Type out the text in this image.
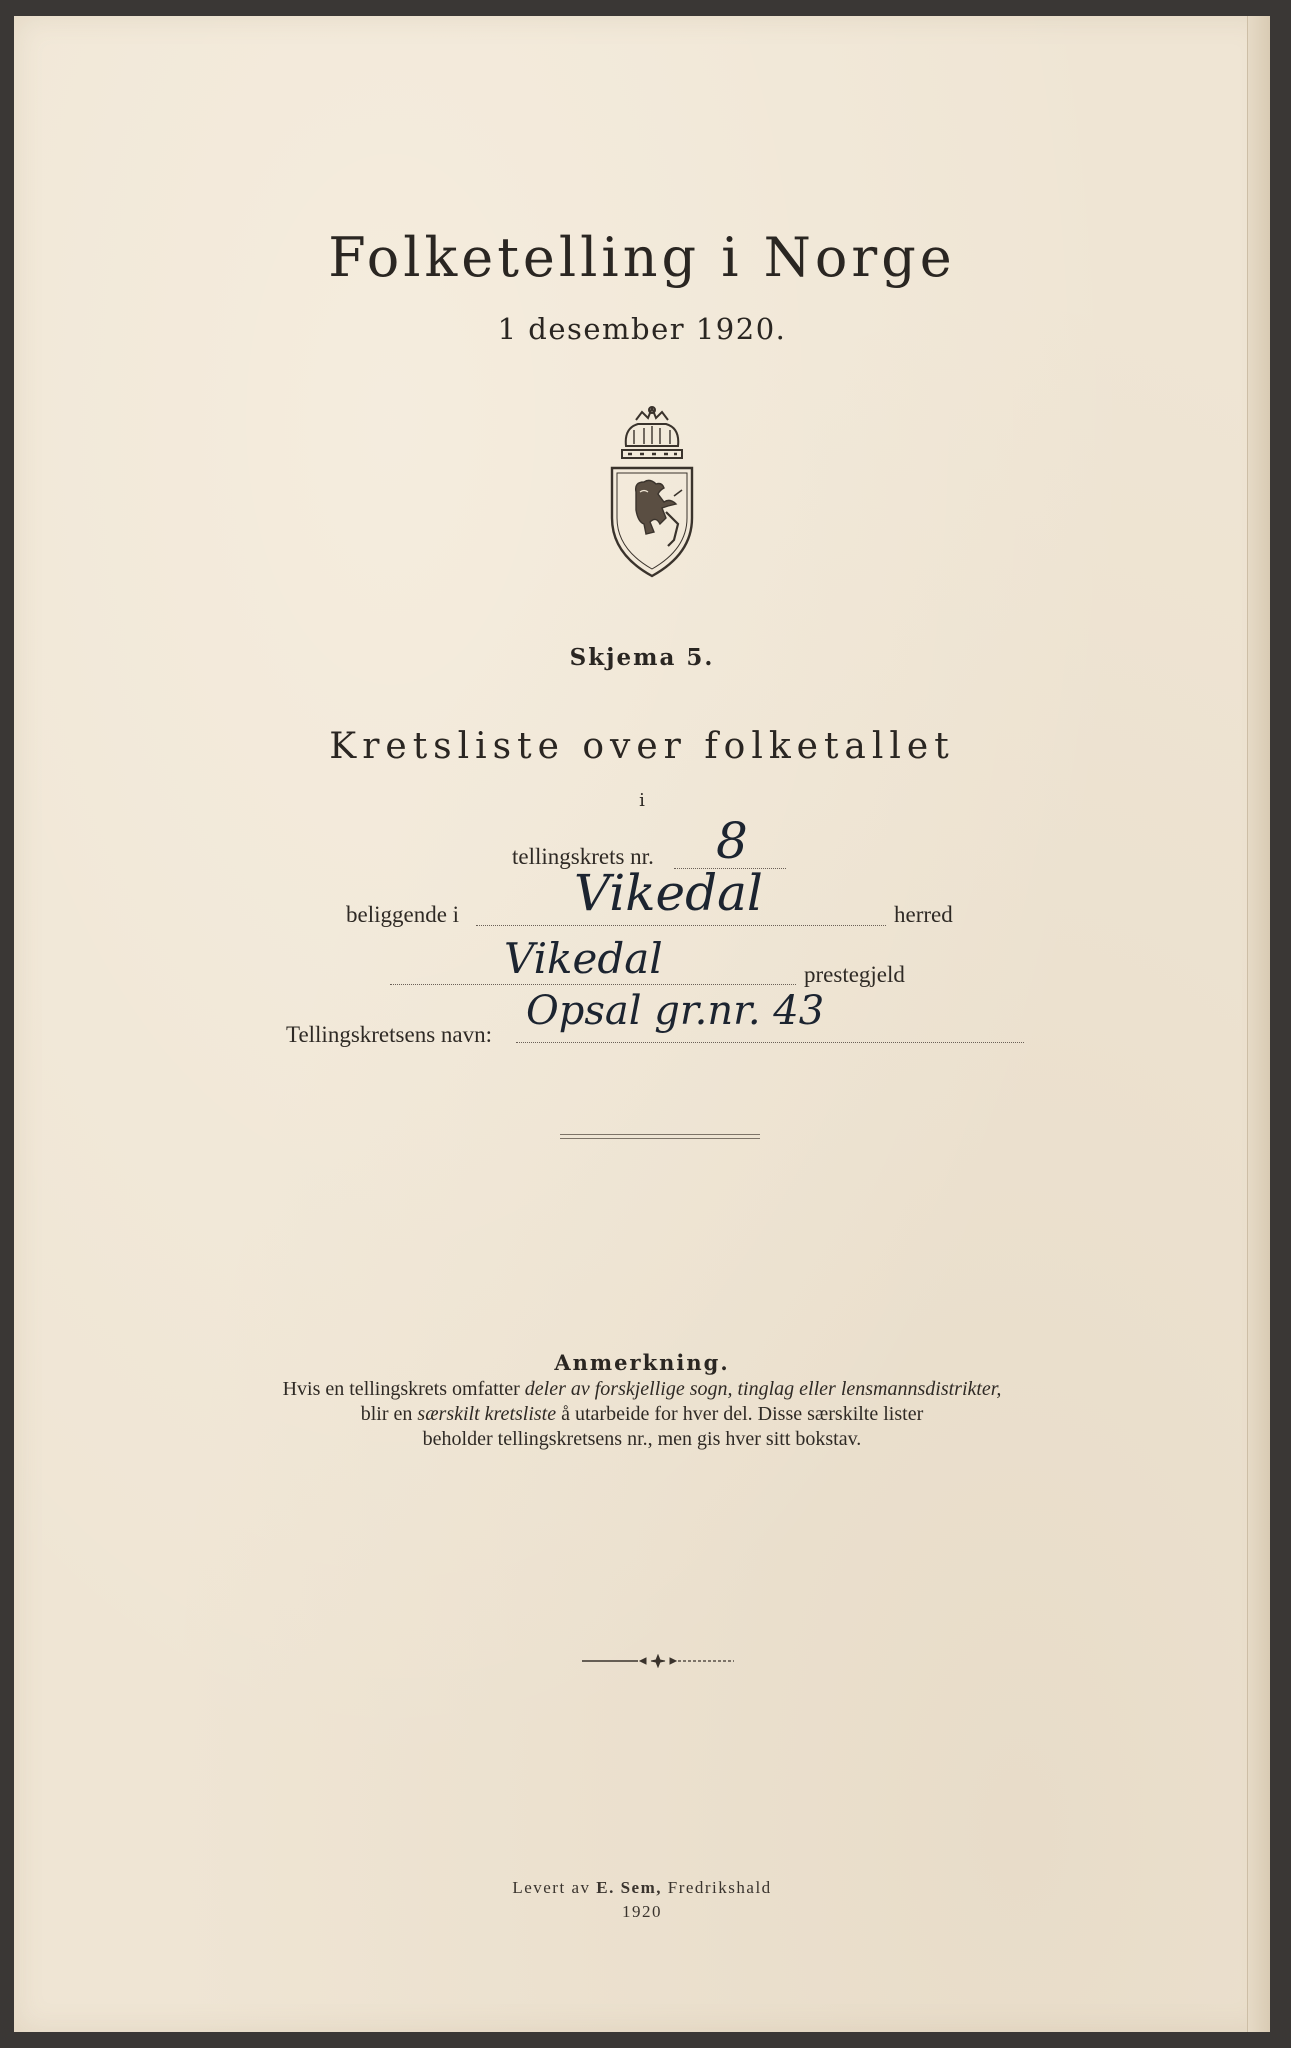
Folketelling i Norge
1 desember 1920.
Skjema 5.
Kretsliste over folketallet
i
tellingskrets nr. 8
beliggende i Vikedal	herred
Vikedal	prestegjeld
Tellingskretsens navn:
Opsal gr.nr. 43
Anmerkning.
Hvis en tellingskrets omfatter deler av forskjellige sogn, tinglag eller lensmannsdistrikter,
blir en særskilt kretsliste å utarbeide for hver del. Disse særskilte lister
beholder tellingskretsens nr., men gis hver sitt bokstav.
Levert av E. Sem, Fredrikshald
1920
